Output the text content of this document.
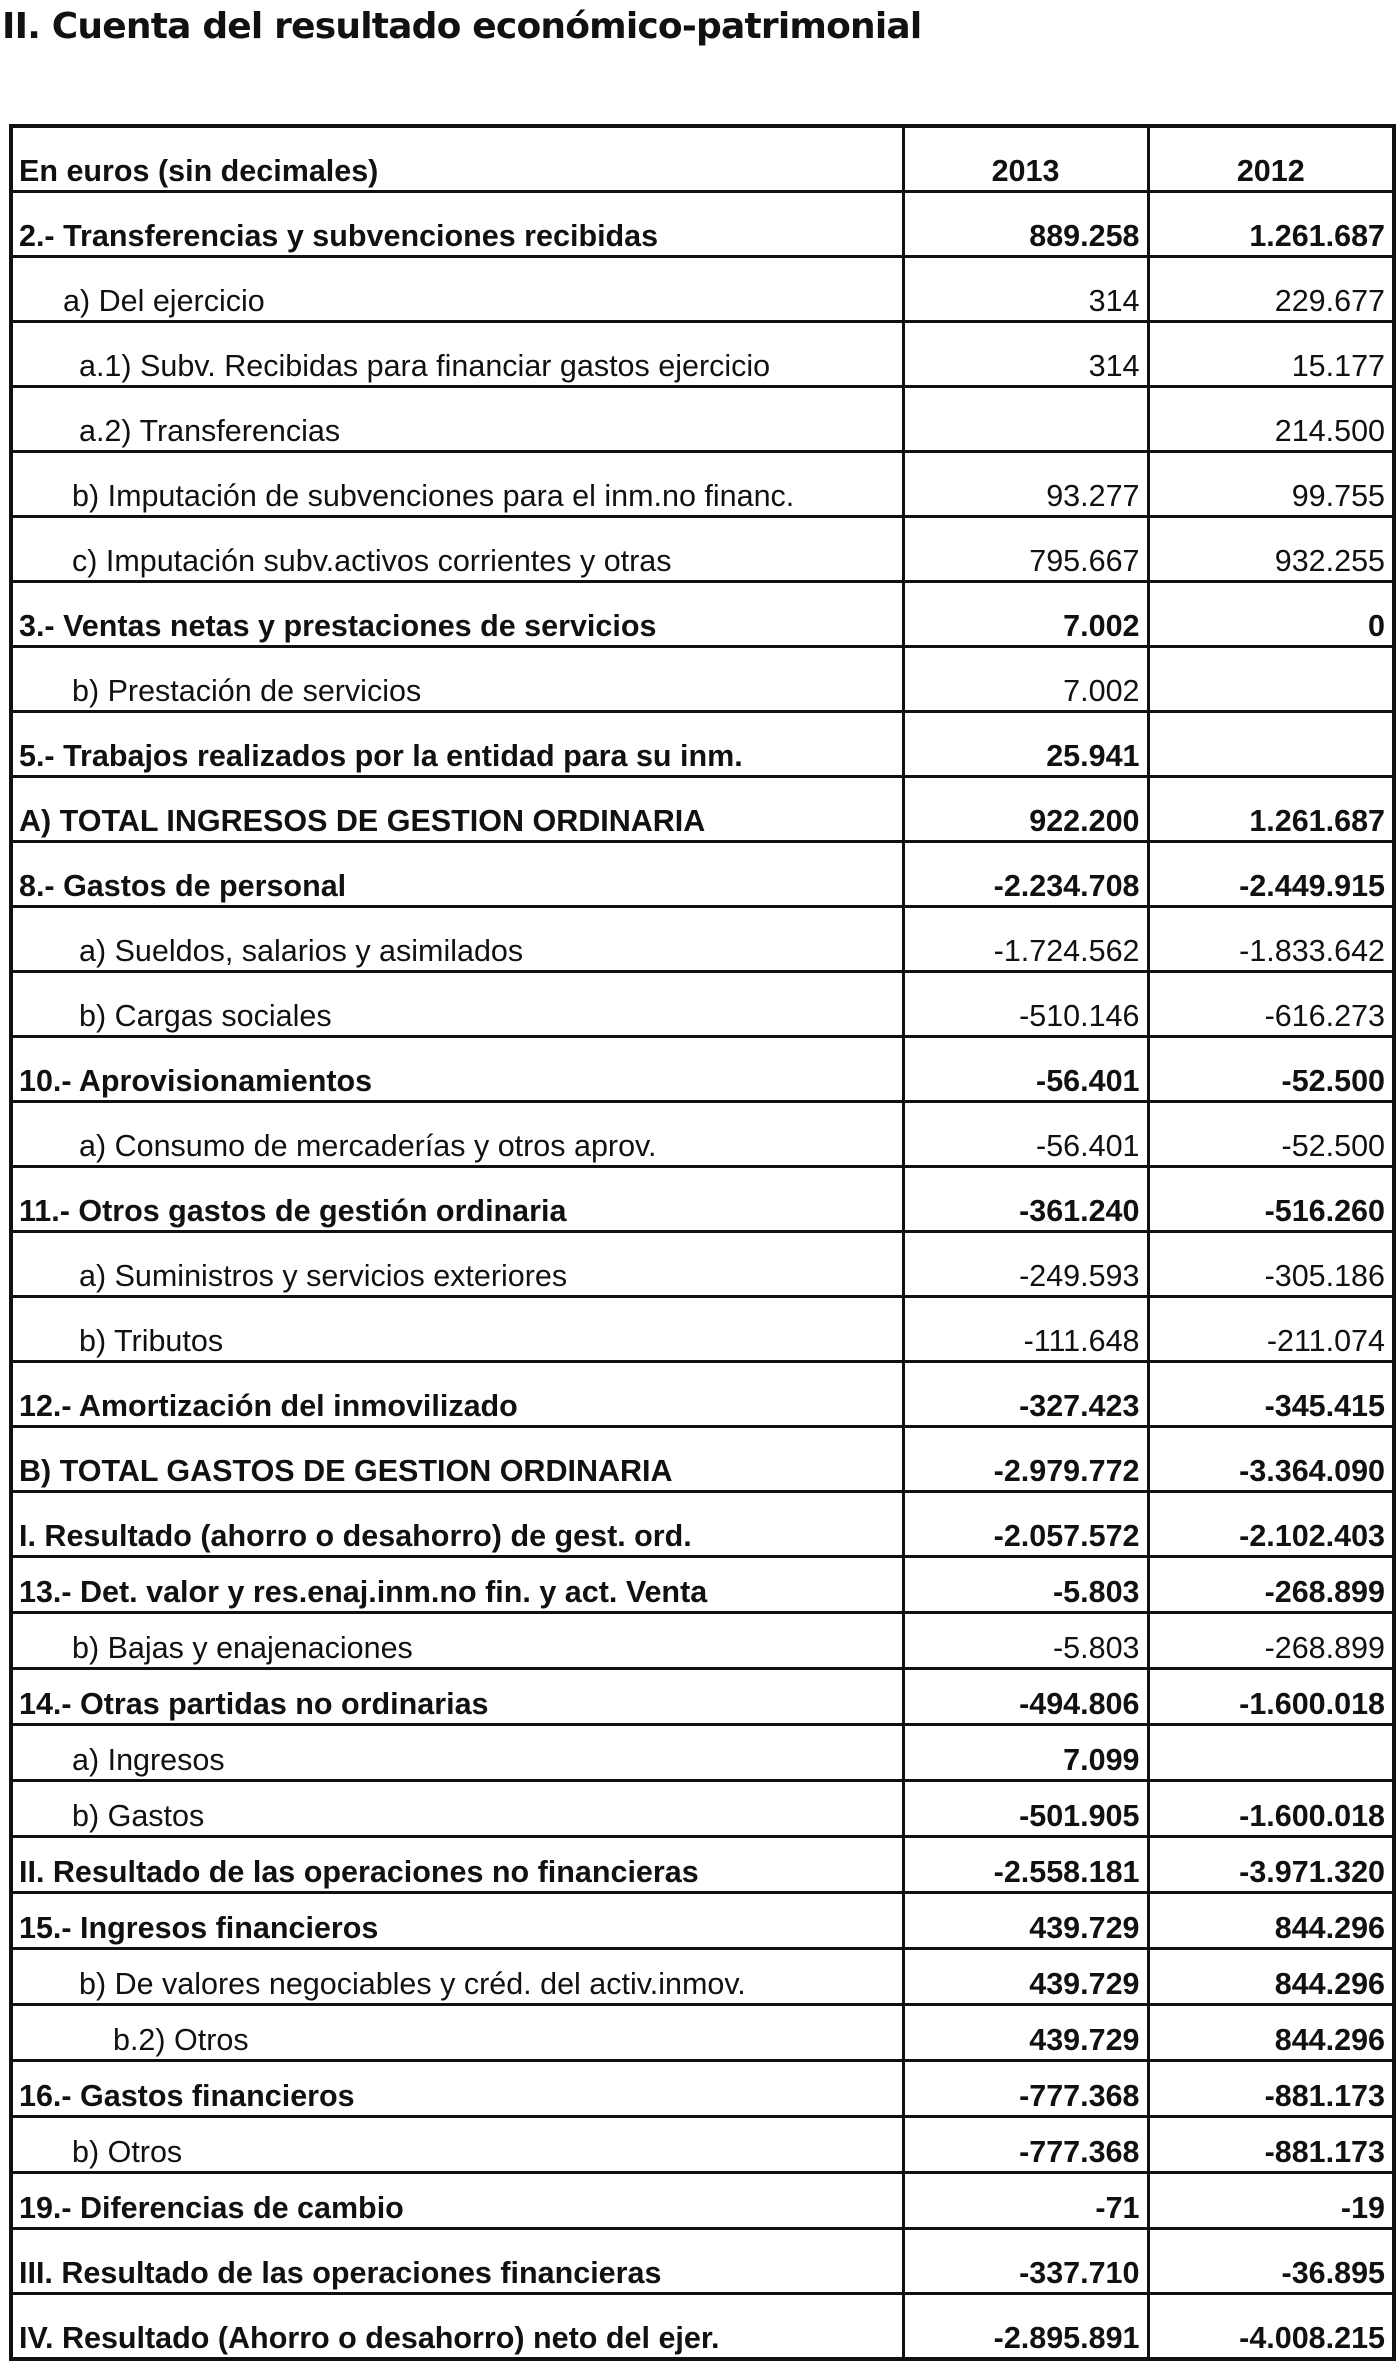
II. Cuenta del resultado económico-patrimonial
En euros (sin decimales)	2013	2012
2.- Transferencias y subvenciones recibidas	889.258	1.261.687
a) Del ejercicio	314	229.677
a.1) Subv. Recibidas para financiar gastos ejercicio	314	15.177
a.2) Transferencias		214.500
b) Imputación de subvenciones para el inm.no financ.	93.277	99.755
c) Imputación subv.activos corrientes y otras	795.667	932.255
3.- Ventas netas y prestaciones de servicios	7.002	0
b) Prestación de servicios	7.002	
5.- Trabajos realizados por la entidad para su inm.	25.941	
A) TOTAL INGRESOS DE GESTION ORDINARIA	922.200	1.261.687
8.- Gastos de personal	-2.234.708	-2.449.915
a) Sueldos, salarios y asimilados	-1.724.562	-1.833.642
b) Cargas sociales	-510.146	-616.273
10.- Aprovisionamientos	-56.401	-52.500
a) Consumo de mercaderías y otros aprov.	-56.401	-52.500
11.- Otros gastos de gestión ordinaria	-361.240	-516.260
a) Suministros y servicios exteriores	-249.593	-305.186
b) Tributos	-111.648	-211.074
12.- Amortización del inmovilizado	-327.423	-345.415
B) TOTAL GASTOS DE GESTION ORDINARIA	-2.979.772	-3.364.090
I. Resultado (ahorro o desahorro) de gest. ord.	-2.057.572	-2.102.403
13.- Det. valor y res.enaj.inm.no fin. y act. Venta	-5.803	-268.899
b) Bajas y enajenaciones	-5.803	-268.899
14.- Otras partidas no ordinarias	-494.806	-1.600.018
a) Ingresos	7.099	
b) Gastos	-501.905	-1.600.018
II. Resultado de las operaciones no financieras	-2.558.181	-3.971.320
15.- Ingresos financieros	439.729	844.296
b) De valores negociables y créd. del activ.inmov.	439.729	844.296
b.2) Otros	439.729	844.296
16.- Gastos financieros	-777.368	-881.173
b) Otros	-777.368	-881.173
19.- Diferencias de cambio	-71	-19
III. Resultado de las operaciones financieras	-337.710	-36.895
IV. Resultado (Ahorro o desahorro) neto del ejer.	-2.895.891	-4.008.215
